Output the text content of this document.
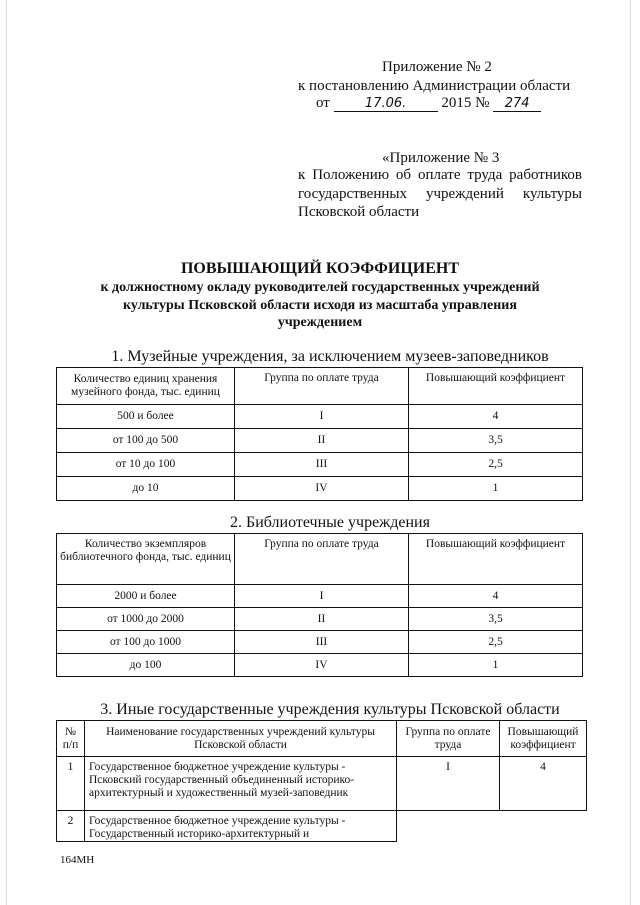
Приложение № 2
к постановлению Администрации области
от	17.06. 2015 № 274
«Приложение № 3
к Положению об оплате труда работников
государственных учреждений культуры
Псковской области
ПОВЫШАЮЩИЙ КОЭФФИЦИЕНТ
к должностному окладу руководителей государственных учреждений
культуры Псковской области исходя из масштаба управления
учреждением
1. Музейные учреждения, за исключением музеев-заповедников
Количество единиц хранения музейного фонда, тыс. единиц	Группа по оплате труда	Повышающий коэффициент
500 и более	I	4
от 100 до 500	II	3,5
от 10 до 100	III	2,5
до 10	IV	1
2. Библиотечные учреждения
Количество экземпляров библиотечного фонда, тыс. единиц	Группа по оплате труда	Повышающий коэффициент
2000 и более	I	4
от 1000 до 2000	II	3,5
от 100 до 1000	III	2,5
до 100	IV	1
3. Иные государственные учреждения культуры Псковской области
№ п/п	Наименование государственных учреждений культуры Псковской области	Группа по оплате труда	Повышающий коэффициент
1	Государственное бюджетное учреждение культуры - Псковский государственный объединенный историко-архитектурный и художественный музей-заповедник	I	4
2	Государственное бюджетное учреждение культуры - Государственный историко-архитектурный и		
164МН
